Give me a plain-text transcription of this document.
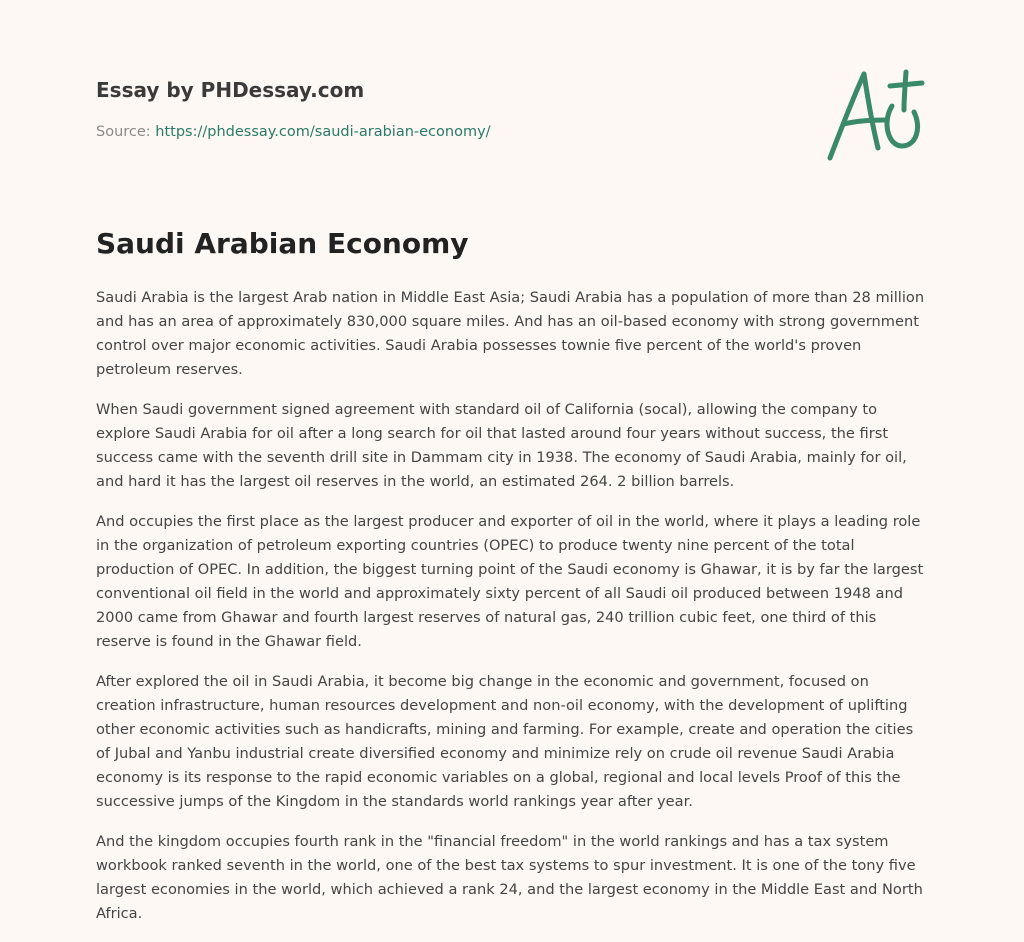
Essay by PHDessay.com
Source: https://phdessay.com/saudi-arabian-economy/
Saudi Arabian Economy

Saudi Arabia is the largest Arab nation in Middle East Asia; Saudi Arabia has a population of more than 28 million and has an area of approximately 830,000 square miles. And has an oil-based economy with strong government control over major economic activities. Saudi Arabia possesses townie five percent of the world's proven petroleum reserves.

When Saudi government signed agreement with standard oil of California (socal), allowing the company to explore Saudi Arabia for oil after a long search for oil that lasted around four years without success, the first success came with the seventh drill site in Dammam city in 1938. The economy of Saudi Arabia, mainly for oil, and hard it has the largest oil reserves in the world, an estimated 264. 2 billion barrels.

And occupies the first place as the largest producer and exporter of oil in the world, where it plays a leading role in the organization of petroleum exporting countries (OPEC) to produce twenty nine percent of the total production of OPEC. In addition, the biggest turning point of the Saudi economy is Ghawar, it is by far the largest conventional oil field in the world and approximately sixty percent of all Saudi oil produced between 1948 and 2000 came from Ghawar and fourth largest reserves of natural gas, 240 trillion cubic feet, one third of this reserve is found in the Ghawar field.

After explored the oil in Saudi Arabia, it become big change in the economic and government, focused on creation infrastructure, human resources development and non-oil economy, with the development of uplifting other economic activities such as handicrafts, mining and farming. For example, create and operation the cities of Jubal and Yanbu industrial create diversified economy and minimize rely on crude oil revenue Saudi Arabia economy is its response to the rapid economic variables on a global, regional and local levels Proof of this the successive jumps of the Kingdom in the standards world rankings year after year.

And the kingdom occupies fourth rank in the "financial freedom" in the world rankings and has a tax system workbook ranked seventh in the world, one of the best tax systems to spur investment. It is one of the tony five largest economies in the world, which achieved a rank 24, and the largest economy in the Middle East and North Africa.
